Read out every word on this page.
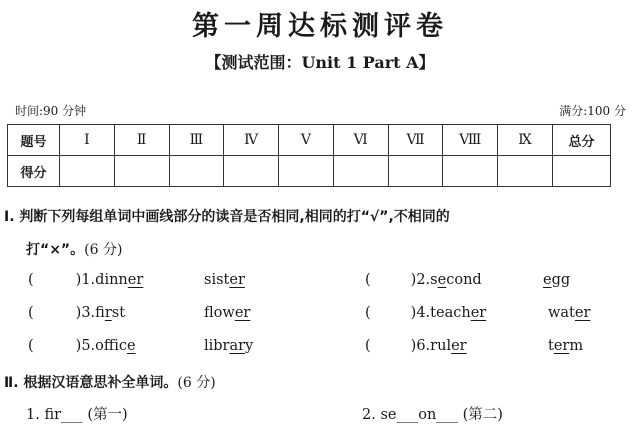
第一周达标测评卷
【测试范围：Unit 1 Part A】
时间:90 分钟	满分:100 分
题号	Ⅰ	Ⅱ	Ⅲ	Ⅳ	Ⅴ	Ⅵ	Ⅶ	Ⅷ	Ⅸ	总分
得分										
Ⅰ. 判断下列每组单词中画线部分的读音是否相同,相同的打“√”,不相同的
打“×”。(6 分)
(	)1.dinner	sister	(	)2.second	egg
(	)3.first	flower	(	)4.teacher	water
(	)5.office	library	(	)6.ruler	term
Ⅱ. 根据汉语意思补全单词。(6 分)
1. fir___ (第一)	2. se___on___ (第二)
